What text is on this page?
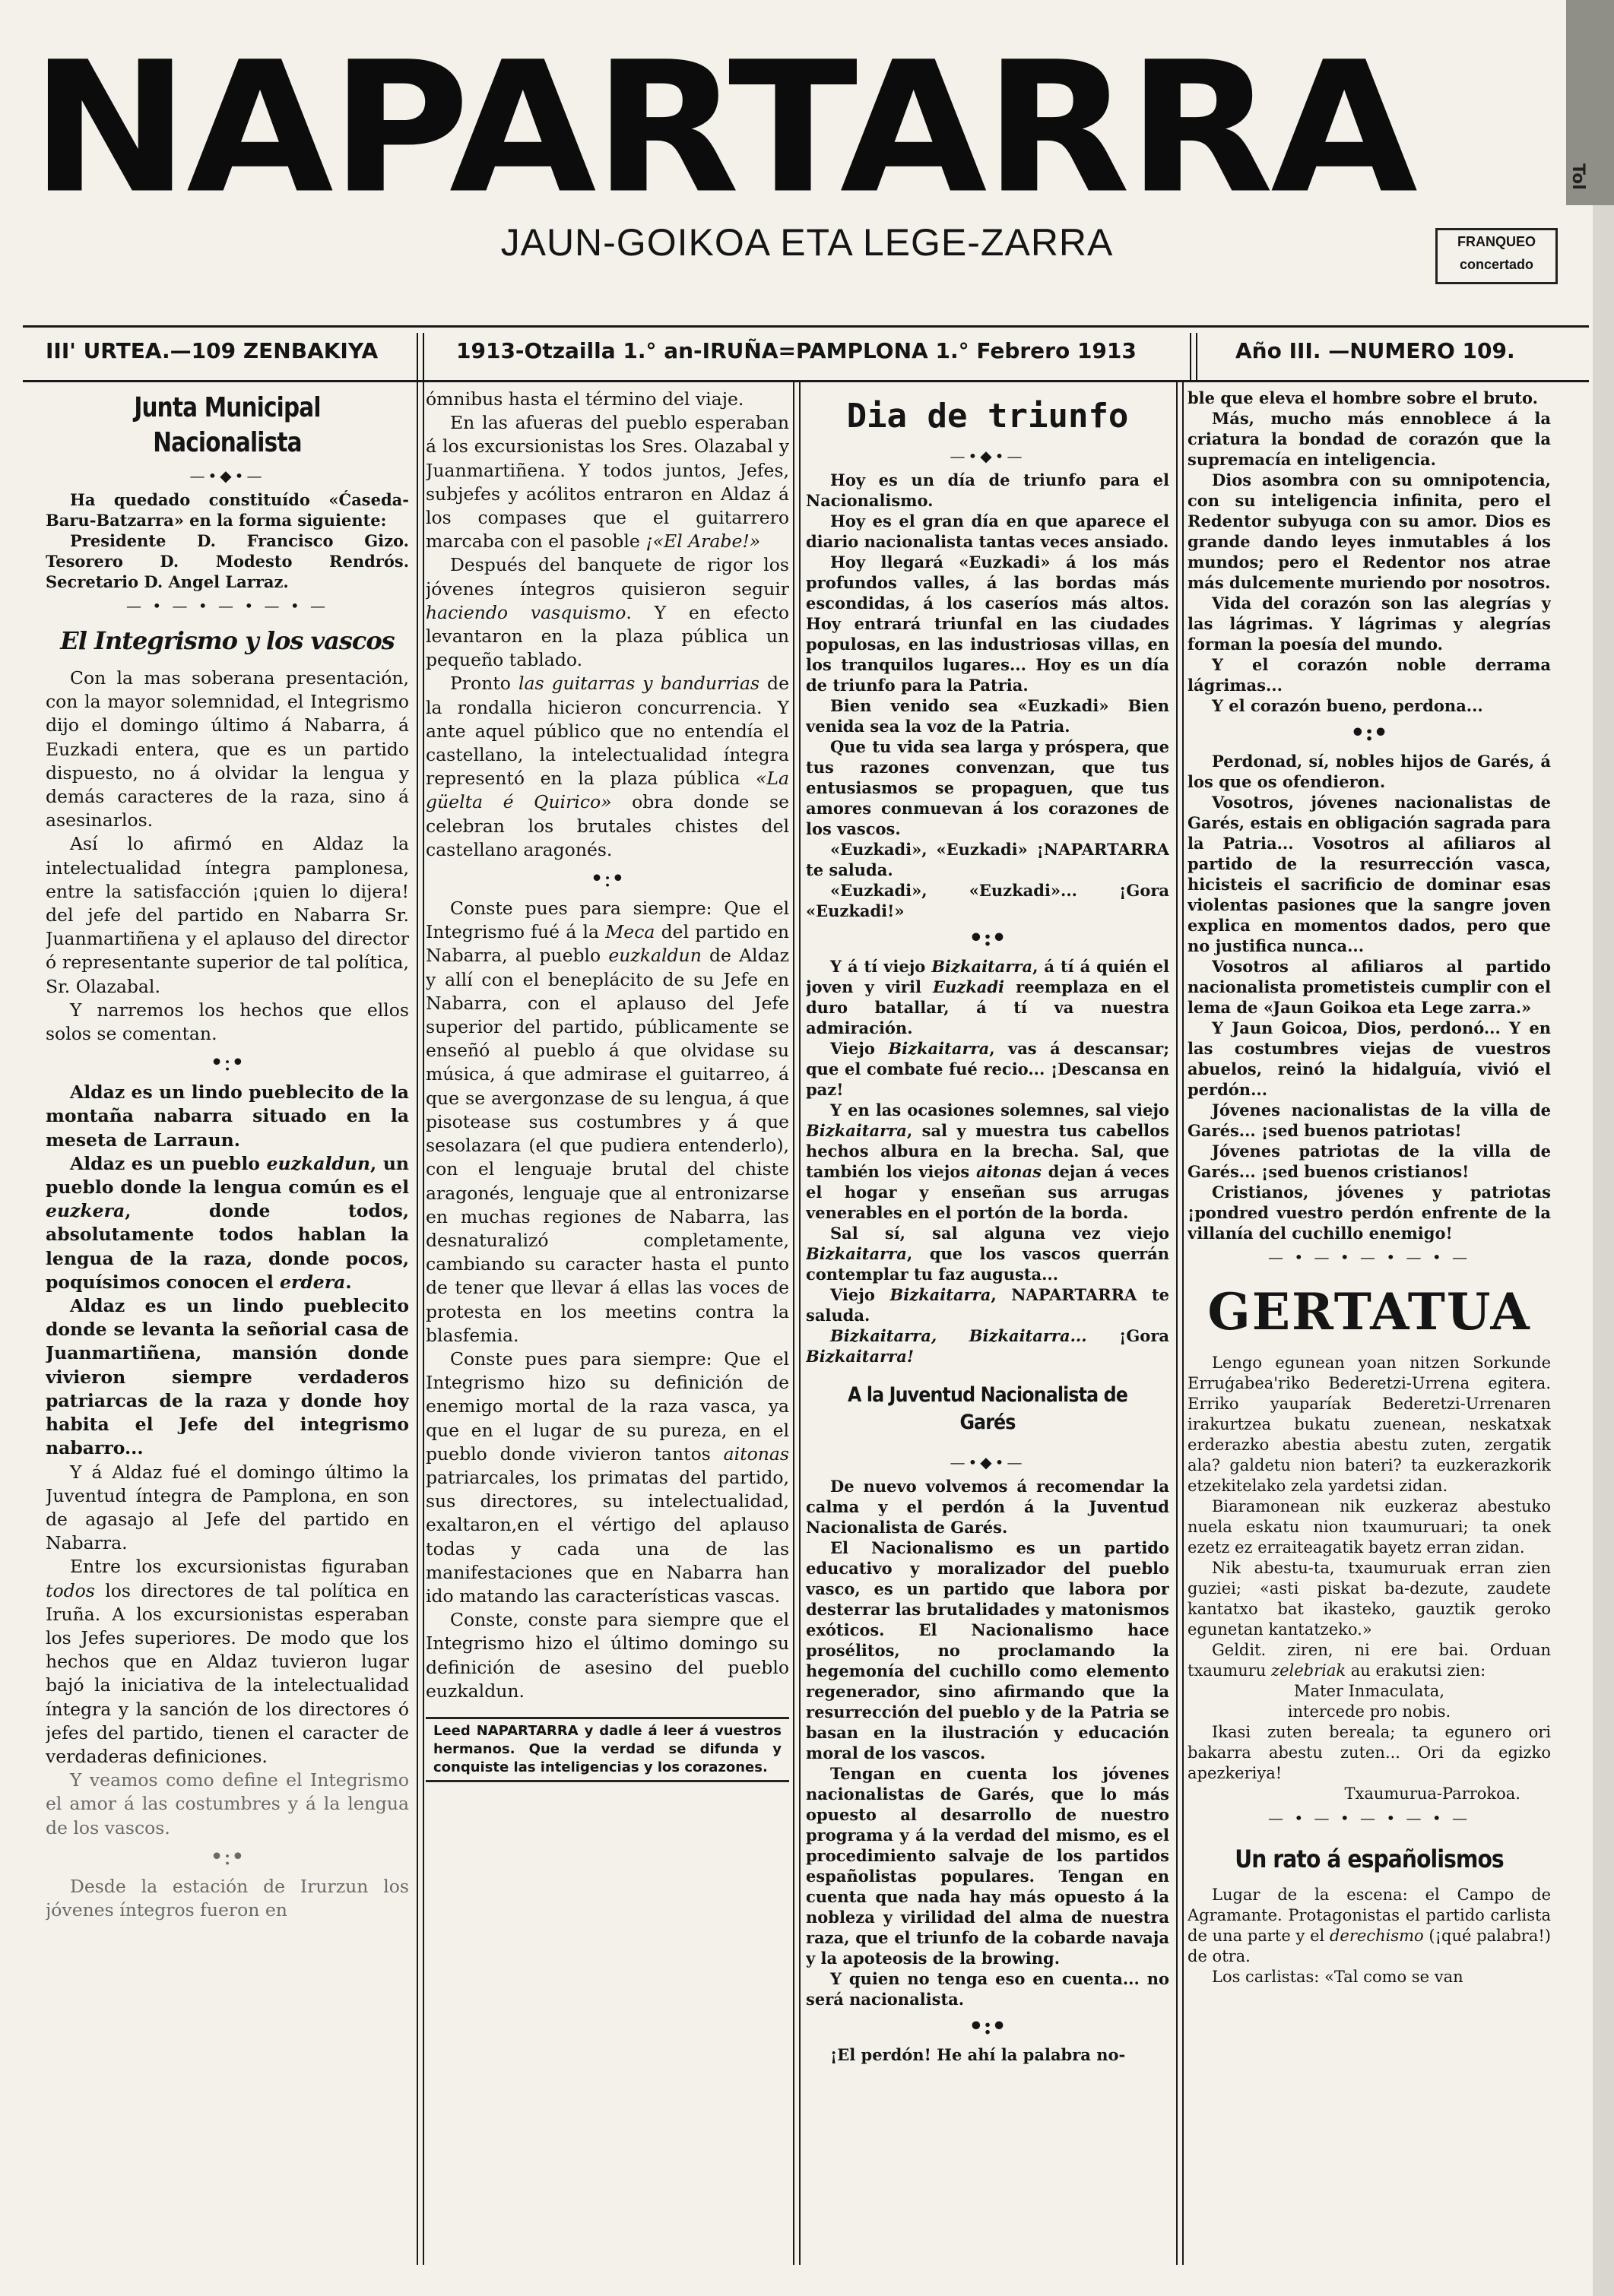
NAPARTARRA	Tol
JAUN-GOIKOA ETA LEGE-ZARRA	FRANQUEO
concertado
III' URTEA.—109 ZENBAKIYA	1913-Otzailla 1.° an-IRUÑA=PAMPLONA 1.° Febrero 1913	Año III. —NUMERO 109.
Junta Municipal Nacionalista
—•◆•—

Ha quedado constituído «Ćaseda-Baru-Batzarra» en la forma siguiente:

Presidente D. Francisco Gizo. Tesorero D. Modesto Rendrós. Secretario D. Angel Larraz.

— • — • — • — • —
El Integrismo y los vascos

Con la mas soberana presentación, con la mayor solemnidad, el Integrismo dijo el domingo último á Nabarra, á Euzkadi entera, que es un partido dispuesto, no á olvidar la lengua y demás caracteres de la raza, sino á asesinarlos.

Así lo afirmó en Aldaz la intelectualidad íntegra pamplonesa, entre la satisfacción ¡quien lo dijera! del jefe del partido en Nabarra Sr. Juanmartiñena y el aplauso del director ó representante superior de tal política, Sr. Olazabal.

Y narremos los hechos que ellos solos se comentan.

•:•

Aldaz es un lindo pueblecito de la montaña nabarra situado en la meseta de Larraun.

Aldaz es un pueblo euzkaldun, un pueblo donde la lengua común es el euzkera, donde todos, absolutamente todos hablan la lengua de la raza, donde pocos, poquísimos conocen el erdera.

Aldaz es un lindo pueblecito donde se levanta la señorial casa de Juanmartiñena, mansión donde vivieron siempre verdaderos patriarcas de la raza y donde hoy habita el Jefe del integrismo nabarro...

Y á Aldaz fué el domingo último la Juventud íntegra de Pamplona, en son de agasajo al Jefe del partido en Nabarra.

Entre los excursionistas figuraban todos los directores de tal política en Iruña. A los excursionistas esperaban los Jefes superiores. De modo que los hechos que en Aldaz tuvieron lugar bajó la iniciativa de la intelectualidad íntegra y la sanción de los directores ó jefes del partido, tienen el caracter de verdaderas definiciones.

Y veamos como define el Integrismo el amor á las costumbres y á la lengua de los vascos.

•:•

Desde la estación de Irurzun los jóvenes íntegros fueron en

ómnibus hasta el término del viaje.

En las afueras del pueblo esperaban á los excursionistas los Sres. Olazabal y Juanmartiñena. Y todos juntos, Jefes, subjefes y acólitos entraron en Aldaz á los compases que el guitarrero marcaba con el pasoble ¡«El Arabe!»

Después del banquete de rigor los jóvenes íntegros quisieron seguir haciendo vasquismo. Y en efecto levantaron en la plaza pública un pequeño tablado.

Pronto las guitarras y bandurrias de la rondalla hicieron concurrencia. Y ante aquel público que no entendía el castellano, la intelectualidad íntegra representó en la plaza pública «La güelta é Quirico» obra donde se celebran los brutales chistes del castellano aragonés.

•:•

Conste pues para siempre: Que el Integrismo fué á la Meca del partido en Nabarra, al pueblo euzkaldun de Aldaz y allí con el beneplácito de su Jefe en Nabarra, con el aplauso del Jefe superior del partido, públicamente se enseñó al pueblo á que olvidase su música, á que admirase el guitarreo, á que se avergonzase de su lengua, á que pisotease sus costumbres y á que sesolazara (el que pudiera entenderlo), con el lenguaje brutal del chiste aragonés, lenguaje que al entronizarse en muchas regiones de Nabarra, las desnaturalizó completamente, cambiando su caracter hasta el punto de tener que llevar á ellas las voces de protesta en los meetins contra la blasfemia.

Conste pues para siempre: Que el Integrismo hizo su definición de enemigo mortal de la raza vasca, ya que en el lugar de su pureza, en el pueblo donde vivieron tantos aitonas patriarcales, los primatas del partido, sus directores, su intelectualidad, exaltaron,en el vértigo del aplauso todas y cada una de las manifestaciones que en Nabarra han ido matando las características vascas.

Conste, conste para siempre que el Integrismo hizo el último domingo su definición de asesino del pueblo euzkaldun.

Leed NAPARTARRA y dadle á leer á vuestros hermanos. Que la verdad se difunda y conquiste las inteligencias y los corazones.
Dia de triunfo
—•◆•—

Hoy es un día de triunfo para el Nacionalismo.

Hoy es el gran día en que aparece el diario nacionalista tantas veces ansiado.

Hoy llegará «Euzkadi» á los más profundos valles, á las bordas más escondidas, á los caseríos más altos. Hoy entrará triunfal en las ciudades populosas, en las industriosas villas, en los tranquilos lugares... Hoy es un día de triunfo para la Patria.

Bien venido sea «Euzkadi» Bien venida sea la voz de la Patria.

Que tu vida sea larga y próspera, que tus razones convenzan, que tus entusiasmos se propaguen, que tus amores conmuevan á los corazones de los vascos.

«Euzkadi», «Euzkadi» ¡NAPARTARRA te saluda.

«Euzkadi», «Euzkadi»... ¡Gora «Euzkadi!»

•:•

Y á tí viejo Bizkaitarra, á tí á quién el joven y viril Euzkadi reemplaza en el duro batallar, á tí va nuestra admiración.

Viejo Bizkaitarra, vas á descansar; que el combate fué recio... ¡Descansa en paz!

Y en las ocasiones solemnes, sal viejo Bizkaitarra, sal y muestra tus cabellos hechos albura en la brecha. Sal, que también los viejos aitonas dejan á veces el hogar y enseñan sus arrugas venerables en el portón de la borda.

Sal sí, sal alguna vez viejo Bizkaitarra, que los vascos querrán contemplar tu faz augusta...

Viejo Bizkaitarra, NAPARTARRA te saluda.

Bizkaitarra, Bizkaitarra... ¡Gora Bizkaitarra!

A la Juventud Nacionalista de Garés
—•◆•—

De nuevo volvemos á recomendar la calma y el perdón á la Juventud Nacionalista de Garés.

El Nacionalismo es un partido educativo y moralizador del pueblo vasco, es un partido que labora por desterrar las brutalidades y matonismos exóticos. El Nacionalismo hace prosélitos, no proclamando la hegemonía del cuchillo como elemento regenerador, sino afirmando que la resurrección del pueblo y de la Patria se basan en la ilustración y educación moral de los vascos.

Tengan en cuenta los jóvenes nacionalistas de Garés, que lo más opuesto al desarrollo de nuestro programa y á la verdad del mismo, es el procedimiento salvaje de los partidos españolistas populares. Tengan en cuenta que nada hay más opuesto á la nobleza y virilidad del alma de nuestra raza, que el triunfo de la cobarde navaja y la apoteosis de la browing.

Y quien no tenga eso en cuenta... no será nacionalista.

•:•

¡El perdón! He ahí la palabra no-

ble que eleva el hombre sobre el bruto.

Más, mucho más ennoblece á la criatura la bondad de corazón que la supremacía en inteligencia.

Dios asombra con su omnipotencia, con su inteligencia infinita, pero el Redentor subyuga con su amor. Dios es grande dando leyes inmutables á los mundos; pero el Redentor nos atrae más dulcemente muriendo por nosotros.

Vida del corazón son las alegrías y las lágrimas. Y lágrimas y alegrías forman la poesía del mundo.

Y el corazón noble derrama lágrimas...

Y el corazón bueno, perdona...

•:•

Perdonad, sí, nobles hijos de Garés, á los que os ofendieron.

Vosotros, jóvenes nacionalistas de Garés, estais en obligación sagrada para la Patria... Vosotros al afiliaros al partido de la resurrección vasca, hicisteis el sacrificio de dominar esas violentas pasiones que la sangre joven explica en momentos dados, pero que no justifica nunca...

Vosotros al afiliaros al partido nacionalista prometisteis cumplir con el lema de «Jaun Goikoa eta Lege zarra.»

Y Jaun Goicoa, Dios, perdonó... Y en las costumbres viejas de vuestros abuelos, reinó la hidalguía, vivió el perdón...

Jóvenes nacionalistas de la villa de Garés... ¡sed buenos patriotas!

Jóvenes patriotas de la villa de Garés... ¡sed buenos cristianos!

Cristianos, jóvenes y patriotas ¡pondred vuestro perdón enfrente de la villanía del cuchillo enemigo!

— • — • — • — • —
GERTATUA

Lengo egunean yoan nitzen Sorkunde Erruģabea'riko Bederetzi-Urrena egitera. Erriko yauparíak Bederetzi-Urrenaren irakurtzea bukatu zuenean, neskatxak erderazko abestia abestu zuten, zergatik ala? galdetu nion bateri? ta euzkerazkorik etzekitelako zela yardetsi zidan.

Biaramonean nik euzkeraz abestuko nuela eskatu nion txaumuruari; ta onek ezetz ez erraiteagatik bayetz erran zidan.

Nik abestu-ta, txaumuruak erran zien guziei; «asti piskat ba-dezute, zaudete kantatxo bat ikasteko, gauztik geroko egunetan kantatzeko.»

Geldit. ziren, ni ere bai. Orduan txaumuru zelebriak au erakutsi zien:

Mater Inmaculata,

intercede pro nobis.

Ikasi zuten bereala; ta egunero ori bakarra abestu zuten... Ori da egizko apezkeriya!

Txaumurua-Parrokoa.

— • — • — • — • —
Un rato á españolismos

Lugar de la escena: el Campo de Agramante. Protagonistas el partido carlista de una parte y el derechismo (¡qué palabra!) de otra.

Los carlistas: «Tal como se van
